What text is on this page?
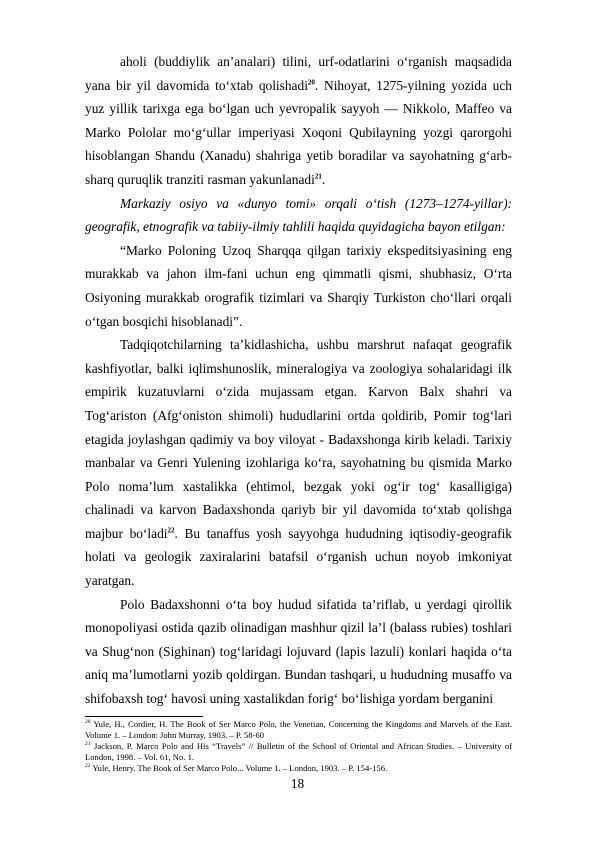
aholi (buddiylik an’analari) tilini, urf-odatlarini o‘rganish maqsadida yana bir yil davomida to‘xtab qolishadi$^{20}$. Nihoyat, 1275-yilning yozida uch yuz yillik tarixga ega bo‘lgan uch yevropalik sayyoh — Nikkolo, Maffeo va Marko Pololar mo‘g‘ullar imperiyasi Xoqoni Qubilayning yozgi qarorgohi hisoblangan Shandu (Xanadu) shahriga yetib boradilar va sayohatning g‘arb-sharq quruqlik tranziti rasman yakunlanadi$^{21}$.

Markaziy osiyo va «dunyo tomi» orqali o‘tish (1273–1274-yillar): geografik, etnografik va tabiiy-ilmiy tahlili haqida quyidagicha bayon etilgan:

“Marko Poloning Uzoq Sharqqa qilgan tarixiy ekspeditsiyasining eng murakkab va jahon ilm-fani uchun eng qimmatli qismi, shubhasiz, O‘rta Osiyoning murakkab orografik tizimlari va Sharqiy Turkiston cho‘llari orqali o‘tgan bosqichi hisoblanadi”.

Tadqiqotchilarning ta’kidlashicha, ushbu marshrut nafaqat geografik kashfiyotlar, balki iqlimshunoslik, mineralogiya va zoologiya sohalaridagi ilk empirik kuzatuvlarni o‘zida mujassam etgan. Karvon Balx shahri va Tog‘ariston (Afg‘oniston shimoli) hududlarini ortda qoldirib, Pomir tog‘lari etagida joylashgan qadimiy va boy viloyat - Badaxshonga kirib keladi. Tarixiy manbalar va Genri Yulening izohlariga ko‘ra, sayohatning bu qismida Marko Polo noma’lum xastalikka (ehtimol, bezgak yoki og‘ir tog‘ kasalligiga) chalinadi va karvon Badaxshonda qariyb bir yil davomida to‘xtab qolishga majbur bo‘ladi$^{22}$. Bu tanaffus yosh sayyohga hududning iqtisodiy-geografik holati va geologik zaxiralarini batafsil o‘rganish uchun noyob imkoniyat yaratgan.

Polo Badaxshonni o‘ta boy hudud sifatida ta’riflab, u yerdagi qirollik monopoliyasi ostida qazib olinadigan mashhur qizil la’l (balass rubies) toshlari va Shug‘non (Sighinan) tog‘laridagi lojuvard (lapis lazuli) konlari haqida o‘ta aniq ma’lumotlarni yozib qoldirgan. Bundan tashqari, u hududning musaffo va shifobaxsh tog‘ havosi uning xastalikdan forig‘ bo‘lishiga yordam berganini

$^{20}$ Yule, H., Cordier, H. The Book of Ser Marco Polo, the Venetian, Concerning the Kingdoms and Marvels of the East. Volume 1. – London: John Murray, 1903. – P. 58-60

$^{21}$ Jackson, P. Marco Polo and His “Travels” // Bulletin of the School of Oriental and African Studies. – University of London, 1998. – Vol. 61, No. 1.

$^{22}$ Yule, Henry. The Book of Ser Marco Polo... Volume 1. – London, 1903. – P. 154-156.

18
